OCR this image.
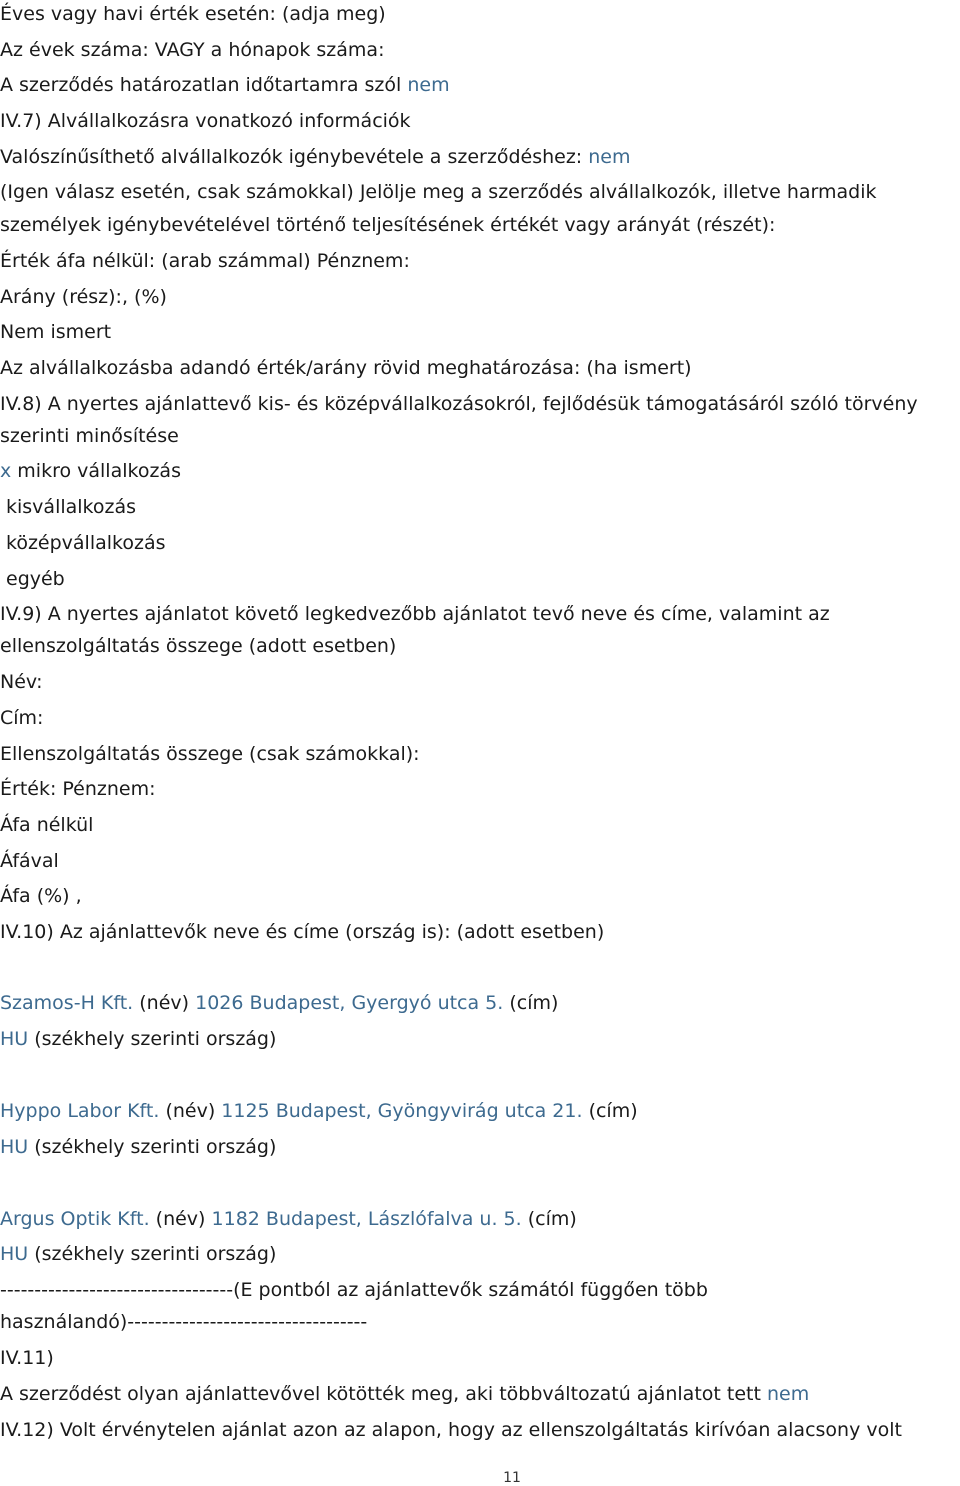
Éves vagy havi érték esetén: (adja meg)
Az évek száma: VAGY a hónapok száma:
A szerződés határozatlan időtartamra szól nem
IV.7) Alvállalkozásra vonatkozó információk
Valószínűsíthető alvállalkozók igénybevétele a szerződéshez: nem
(Igen válasz esetén, csak számokkal) Jelölje meg a szerződés alvállalkozók, illetve harmadik
személyek igénybevételével történő teljesítésének értékét vagy arányát (részét):
Érték áfa nélkül: (arab számmal) Pénznem:
Arány (rész):, (%)
Nem ismert
Az alvállalkozásba adandó érték/arány rövid meghatározása: (ha ismert)
IV.8) A nyertes ajánlattevő kis- és középvállalkozásokról, fejlődésük támogatásáról szóló törvény
szerinti minősítése
x mikro vállalkozás
kisvállalkozás
középvállalkozás
egyéb
IV.9) A nyertes ajánlatot követő legkedvezőbb ajánlatot tevő neve és címe, valamint az
ellenszolgáltatás összege (adott esetben)
Név:
Cím:
Ellenszolgáltatás összege (csak számokkal):
Érték: Pénznem:
Áfa nélkül
Áfával
Áfa (%) ,
IV.10) Az ajánlattevők neve és címe (ország is): (adott esetben)
Szamos-H Kft. (név) 1026 Budapest, Gyergyó utca 5. (cím)
HU (székhely szerinti ország)
Hyppo Labor Kft. (név) 1125 Budapest, Gyöngyvirág utca 21. (cím)
HU (székhely szerinti ország)
Argus Optik Kft. (név) 1182 Budapest, Lászlófalva u. 5. (cím)
HU (székhely szerinti ország)
----------------------------------(E pontból az ajánlattevők számától függően több
használandó)-----------------------------------
IV.11)
A szerződést olyan ajánlattevővel kötötték meg, aki többváltozatú ajánlatot tett nem
IV.12) Volt érvénytelen ajánlat azon az alapon, hogy az ellenszolgáltatás kirívóan alacsony volt
11
